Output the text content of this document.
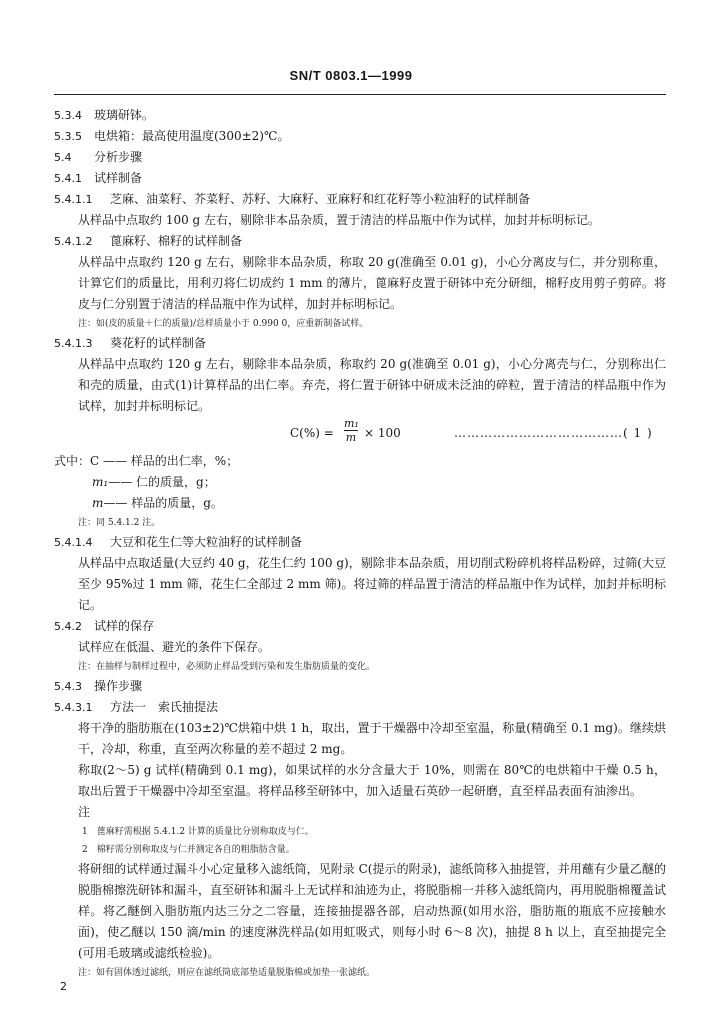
SN/T 0803.1—1999
5.3.4 玻璃研钵。
5.3.5 电烘箱：最高使用温度(300±2)℃。
5.4 分析步骤
5.4.1 试样制备
5.4.1.1 芝麻、油菜籽、芥菜籽、苏籽、大麻籽、亚麻籽和红花籽等小粒油籽的试样制备
从样品中点取约 100 g 左右，剔除非本品杂质，置于清洁的样品瓶中作为试样，加封并标明标记。
5.4.1.2 蓖麻籽、棉籽的试样制备
从样品中点取约 120 g 左右，剔除非本品杂质，称取 20 g(准确至 0.01 g)，小心分离皮与仁，并分别称重，计算它们的质量比，用利刃将仁切成约 1 mm 的薄片，蓖麻籽皮置于研钵中充分研细，棉籽皮用剪子剪碎。将皮与仁分别置于清洁的样品瓶中作为试样，加封并标明标记。
注：如(皮的质量＋仁的质量)/总样质量小于 0.990 0，应重新制备试样。
5.4.1.3 葵花籽的试样制备
从样品中点取约 120 g 左右，剔除非本品杂质，称取约 20 g(准确至 0.01 g)，小心分离壳与仁，分别称出仁和壳的质量，由式(1)计算样品的出仁率。弃壳，将仁置于研钵中研成未泛油的碎粒，置于清洁的样品瓶中作为试样，加封并标明标记。
$C(\%) = \frac{\text{m₁}}{m} \times 100$	…………………………………( 1 )
式中：C —— 样品的出仁率，%；
m₁—— 仁的质量，g；
m—— 样品的质量，g。
注：同 5.4.1.2 注。
5.4.1.4 大豆和花生仁等大粒油籽的试样制备
从样品中点取适量(大豆约 40 g，花生仁约 100 g)，剔除非本品杂质，用切削式粉碎机将样品粉碎，过筛(大豆至少 95%过 1 mm 筛，花生仁全部过 2 mm 筛)。将过筛的样品置于清洁的样品瓶中作为试样，加封并标明标记。
5.4.2 试样的保存
试样应在低温、避光的条件下保存。
注：在抽样与制样过程中，必须防止样品受到污染和发生脂肪质量的变化。
5.4.3 操作步骤
5.4.3.1 方法一　索氏抽提法
将干净的脂肪瓶在(103±2)℃烘箱中烘 1 h，取出，置于干燥器中冷却至室温，称量(精确至 0.1 mg)。继续烘干，冷却，称重，直至两次称量的差不超过 2 mg。
称取(2～5) g 试样(精确到 0.1 mg)，如果试样的水分含量大于 10%，则需在 80℃的电烘箱中干燥 0.5 h，取出后置于干燥器中冷却至室温。将样品移至研钵中，加入适量石英砂一起研磨，直至样品表面有油渗出。
注
1　蓖麻籽需根据 5.4.1.2 计算的质量比分别称取皮与仁。
2　棉籽需分别称取皮与仁并测定各自的粗脂肪含量。
将研细的试样通过漏斗小心定量移入滤纸筒，见附录 C(提示的附录)，滤纸筒移入抽提管，并用蘸有少量乙醚的脱脂棉擦洗研钵和漏斗，直至研钵和漏斗上无试样和油迹为止，将脱脂棉一并移入滤纸筒内，再用脱脂棉覆盖试样。将乙醚倒入脂肪瓶内达三分之二容量，连接抽提器各部，启动热源(如用水浴，脂肪瓶的瓶底不应接触水面)，使乙醚以 150 滴/min 的速度淋洗样品(如用虹吸式，则每小时 6～8 次)，抽提 8 h 以上，直至抽提完全(可用毛玻璃或滤纸检验)。
注：如有固体透过滤纸，则应在滤纸筒底部垫适量脱脂棉或加垫一张滤纸。
2
